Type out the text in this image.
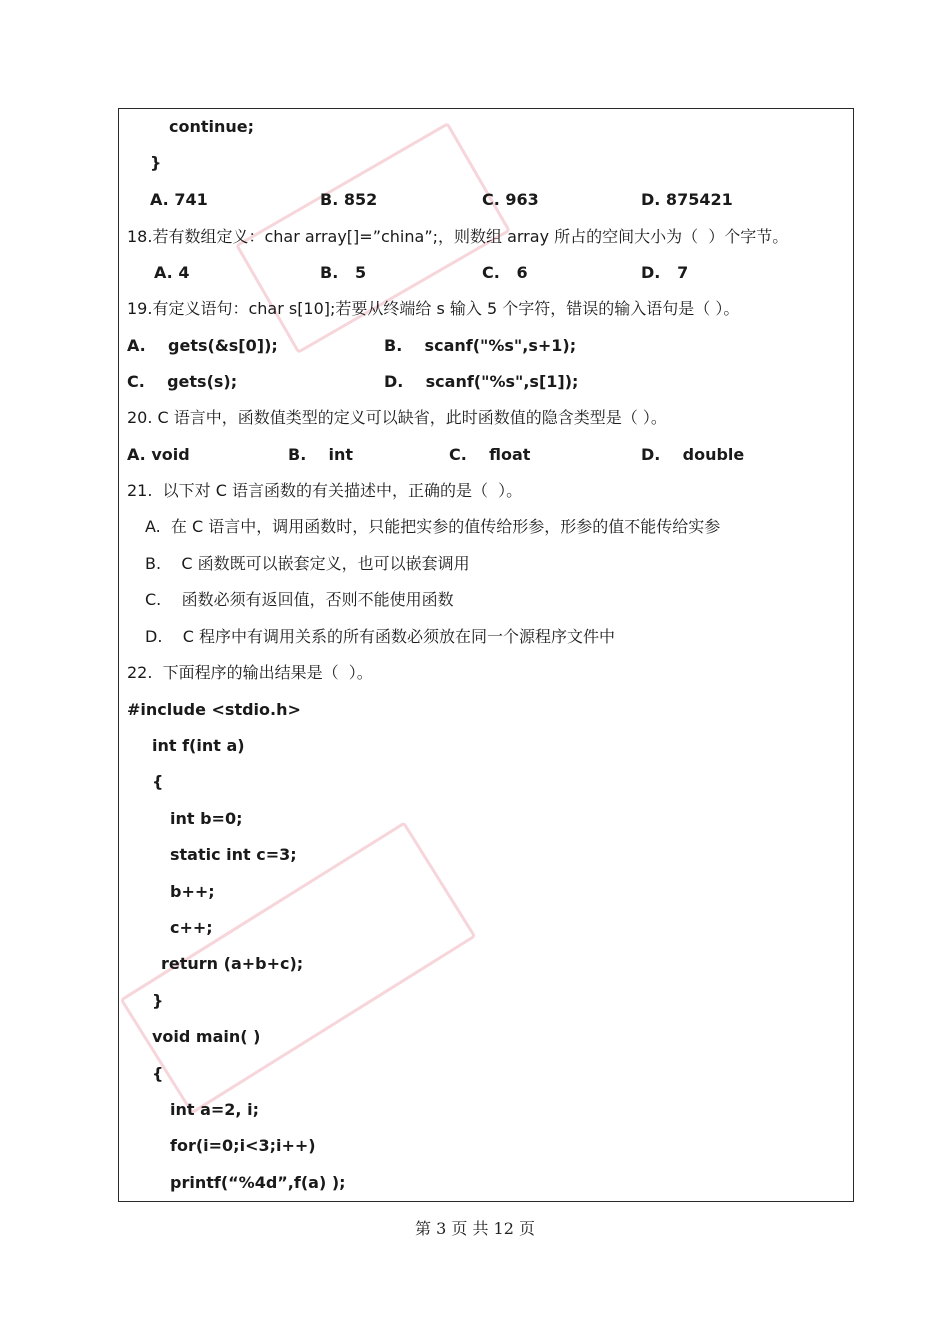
continue;
}
A. 741	B. 852	C. 963	D. 875421
18.若有数组定义：char array[]=”china”;，则数组 array 所占的空间大小为（  ）个字节。
A. 4	B.   5	C.   6	D.   7
19.有定义语句：char s[10];若要从终端给 s 输入 5 个字符，错误的输入语句是（ ）。
A.    gets(&s[0]);	B.    scanf("%s",s+1);
C.    gets(s);	D.    scanf("%s",s[1]);
20. C 语言中，函数值类型的定义可以缺省，此时函数值的隐含类型是（ ）。
A. void	B.    int	C.    float	D.    double
21.  以下对 C 语言函数的有关描述中，正确的是（  ）。
A.  在 C 语言中，调用函数时，只能把实参的值传给形参，形参的值不能传给实参
B.    C 函数既可以嵌套定义，也可以嵌套调用
C.    函数必须有返回值，否则不能使用函数
D.    C 程序中有调用关系的所有函数必须放在同一个源程序文件中
22.  下面程序的输出结果是（  ）。
#include <stdio.h>
int f(int a)
{
int b=0;
static int c=3;
b++;
c++;
return (a+b+c);
}
void main( )
{
int a=2, i;
for(i=0;i<3;i++)
printf(“%4d”,f(a) );
第 3 页 共 12 页
